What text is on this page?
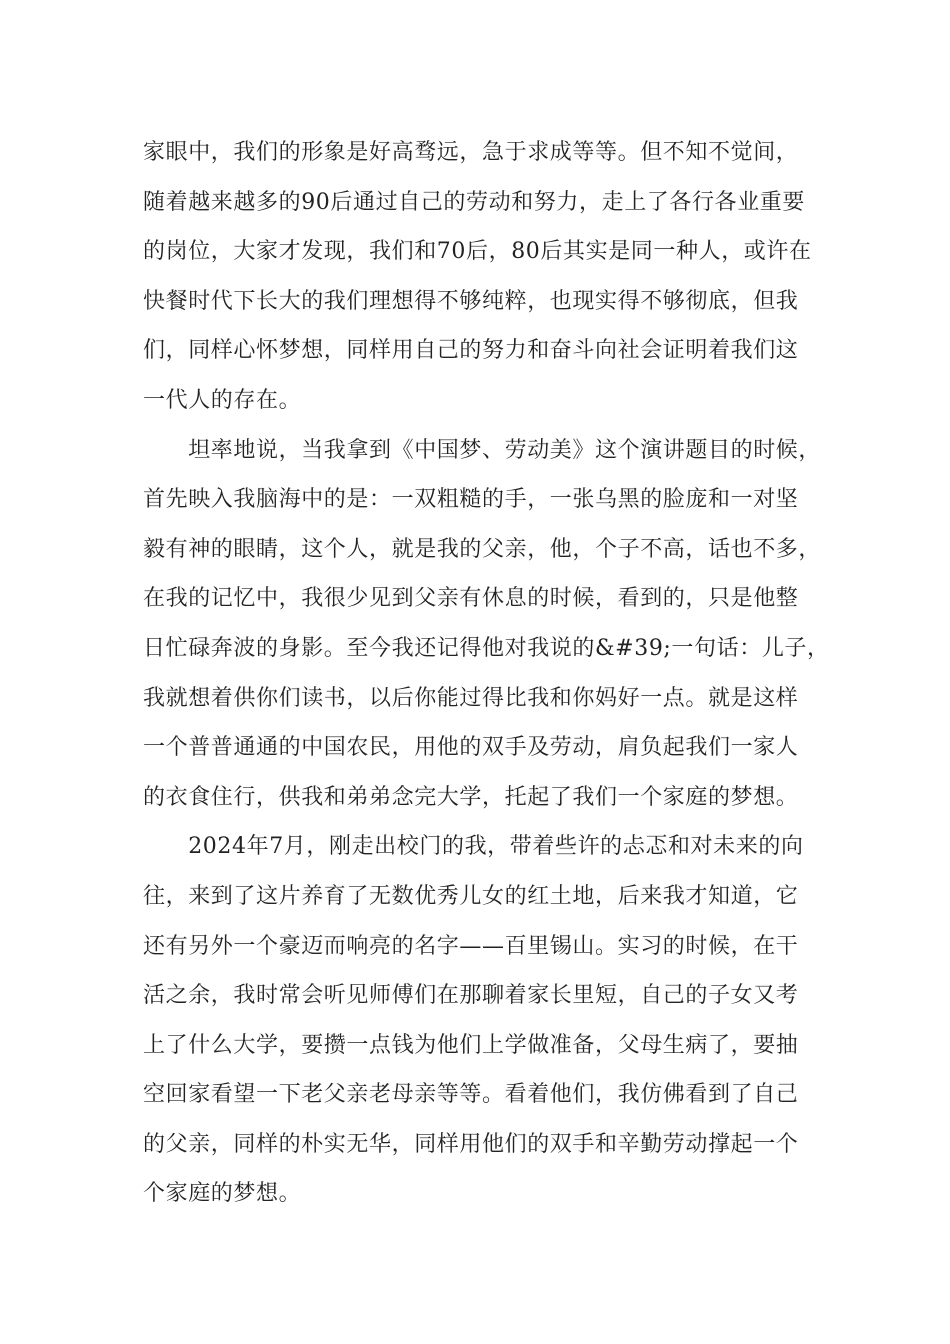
家眼中，我们的形象是好高骛远，急于求成等等。但不知不觉间，
随着越来越多的90后通过自己的劳动和努力，走上了各行各业重要
的岗位，大家才发现，我们和70后，80后其实是同一种人，或许在
快餐时代下长大的我们理想得不够纯粹，也现实得不够彻底，但我
们，同样心怀梦想，同样用自己的努力和奋斗向社会证明着我们这
一代人的存在。
　　坦率地说，当我拿到《中国梦、劳动美》这个演讲题目的时候，
首先映入我脑海中的是：一双粗糙的手，一张乌黑的脸庞和一对坚
毅有神的眼睛，这个人，就是我的父亲，他，个子不高，话也不多，
在我的记忆中，我很少见到父亲有休息的时候，看到的，只是他整
日忙碌奔波的身影。至今我还记得他对我说的&#39;一句话：儿子，
我就想着供你们读书，以后你能过得比我和你妈好一点。就是这样
一个普普通通的中国农民，用他的双手及劳动，肩负起我们一家人
的衣食住行，供我和弟弟念完大学，托起了我们一个家庭的梦想。
　　2024年7月，刚走出校门的我，带着些许的忐忑和对未来的向
往，来到了这片养育了无数优秀儿女的红土地，后来我才知道，它
还有另外一个豪迈而响亮的名字——百里锡山。实习的时候，在干
活之余，我时常会听见师傅们在那聊着家长里短，自己的子女又考
上了什么大学，要攒一点钱为他们上学做准备，父母生病了，要抽
空回家看望一下老父亲老母亲等等。看着他们，我仿佛看到了自己
的父亲，同样的朴实无华，同样用他们的双手和辛勤劳动撑起一个
个家庭的梦想。
